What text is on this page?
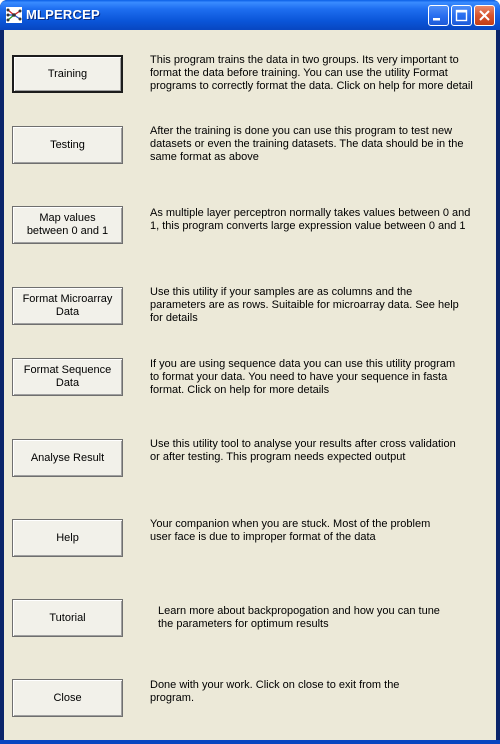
MLPERCEP
Training
This program trains the data in two groups. Its very important to
format the data before training. You can use the utility Format
programs to correctly format the data. Click on help for more detail
Testing
After the training is done you can use this program to test new
datasets or even the training datasets. The data should be in the
same format as above
Map values
between 0 and 1
As multiple layer perceptron normally takes values between 0 and
1, this program converts large expression value between 0 and 1
Format Microarray
Data
Use this utility if your samples are as columns and the
parameters are as rows. Suitaible for microarray data. See help
for details
Format Sequence
Data
If you are using sequence data you can use this utility program
to format your data. You need to have your sequence in fasta
format. Click on help for more details
Analyse Result
Use this utility tool to analyse your results after cross validation
or after testing. This program needs expected output
Help
Your companion when you are stuck. Most of the problem
user face is due to improper format of the data
Tutorial
Learn more about backpropogation and how you can tune
the parameters for optimum results
Close
Done with your work. Click on close to exit from the
program.
